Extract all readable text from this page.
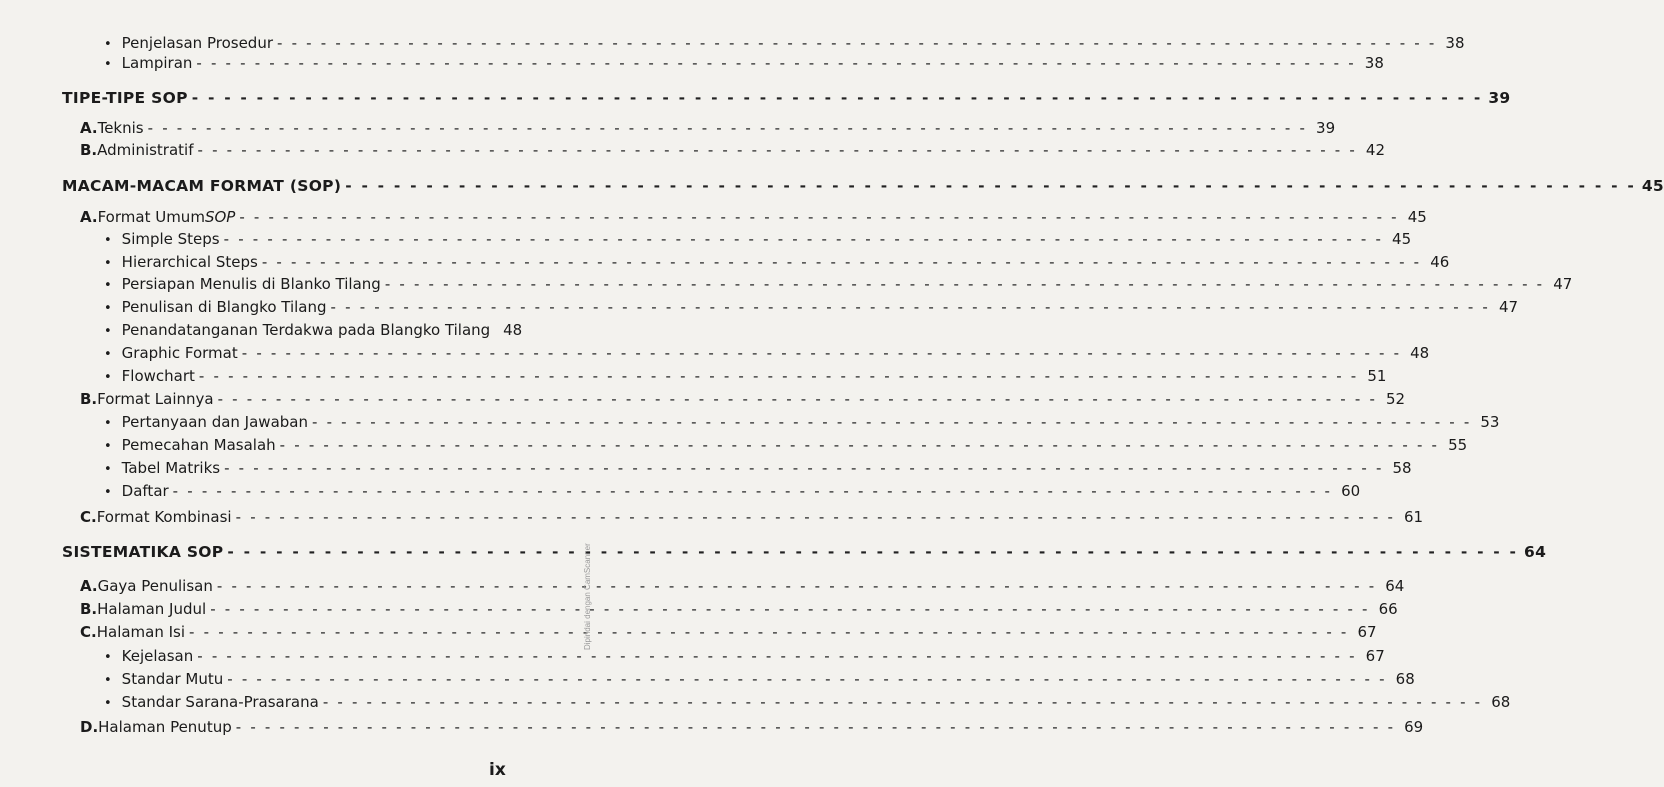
• Penjelasan Prosedur - - - - - - - - - - - - - - - - - - - - - - - - - - - - - - - - - - - - - - - - - - - - - - - - - - - - - - - - - - - - - - - - - - - - - - - - - - - - - - - - 38
• Lampiran - - - - - - - - - - - - - - - - - - - - - - - - - - - - - - - - - - - - - - - - - - - - - - - - - - - - - - - - - - - - - - - - - - - - - - - - - - - - - - - - 38
TIPE-TIPE SOP - - - - - - - - - - - - - - - - - - - - - - - - - - - - - - - - - - - - - - - - - - - - - - - - - - - - - - - - - - - - - - - - - - - - - - - - - - - - - - - - 39
A. Teknis - - - - - - - - - - - - - - - - - - - - - - - - - - - - - - - - - - - - - - - - - - - - - - - - - - - - - - - - - - - - - - - - - - - - - - - - - - - - - - - - 39
B. Administratif - - - - - - - - - - - - - - - - - - - - - - - - - - - - - - - - - - - - - - - - - - - - - - - - - - - - - - - - - - - - - - - - - - - - - - - - - - - - - - - - 42
MACAM-MACAM FORMAT (SOP) - - - - - - - - - - - - - - - - - - - - - - - - - - - - - - - - - - - - - - - - - - - - - - - - - - - - - - - - - - - - - - - - - - - - - - - - - - - - - - - - 45
A. Format Umum SOP - - - - - - - - - - - - - - - - - - - - - - - - - - - - - - - - - - - - - - - - - - - - - - - - - - - - - - - - - - - - - - - - - - - - - - - - - - - - - - - - 45
• Simple Steps - - - - - - - - - - - - - - - - - - - - - - - - - - - - - - - - - - - - - - - - - - - - - - - - - - - - - - - - - - - - - - - - - - - - - - - - - - - - - - - - 45
• Hierarchical Steps - - - - - - - - - - - - - - - - - - - - - - - - - - - - - - - - - - - - - - - - - - - - - - - - - - - - - - - - - - - - - - - - - - - - - - - - - - - - - - - - 46
• Persiapan Menulis di Blanko Tilang - - - - - - - - - - - - - - - - - - - - - - - - - - - - - - - - - - - - - - - - - - - - - - - - - - - - - - - - - - - - - - - - - - - - - - - - - - - - - - - - 47
• Penulisan di Blangko Tilang - - - - - - - - - - - - - - - - - - - - - - - - - - - - - - - - - - - - - - - - - - - - - - - - - - - - - - - - - - - - - - - - - - - - - - - - - - - - - - - - 47
• Penandatanganan Terdakwa pada Blangko Tilang 48
• Graphic Format - - - - - - - - - - - - - - - - - - - - - - - - - - - - - - - - - - - - - - - - - - - - - - - - - - - - - - - - - - - - - - - - - - - - - - - - - - - - - - - - 48
• Flowchart - - - - - - - - - - - - - - - - - - - - - - - - - - - - - - - - - - - - - - - - - - - - - - - - - - - - - - - - - - - - - - - - - - - - - - - - - - - - - - - - 51
B. Format Lainnya - - - - - - - - - - - - - - - - - - - - - - - - - - - - - - - - - - - - - - - - - - - - - - - - - - - - - - - - - - - - - - - - - - - - - - - - - - - - - - - - 52
• Pertanyaan dan Jawaban - - - - - - - - - - - - - - - - - - - - - - - - - - - - - - - - - - - - - - - - - - - - - - - - - - - - - - - - - - - - - - - - - - - - - - - - - - - - - - - - 53
• Pemecahan Masalah - - - - - - - - - - - - - - - - - - - - - - - - - - - - - - - - - - - - - - - - - - - - - - - - - - - - - - - - - - - - - - - - - - - - - - - - - - - - - - - - 55
• Tabel Matriks - - - - - - - - - - - - - - - - - - - - - - - - - - - - - - - - - - - - - - - - - - - - - - - - - - - - - - - - - - - - - - - - - - - - - - - - - - - - - - - - 58
• Daftar - - - - - - - - - - - - - - - - - - - - - - - - - - - - - - - - - - - - - - - - - - - - - - - - - - - - - - - - - - - - - - - - - - - - - - - - - - - - - - - - 60
C. Format Kombinasi - - - - - - - - - - - - - - - - - - - - - - - - - - - - - - - - - - - - - - - - - - - - - - - - - - - - - - - - - - - - - - - - - - - - - - - - - - - - - - - - 61
SISTEMATIKA SOP - - - - - - - - - - - - - - - - - - - - - - - - - - - - - - - - - - - - - - - - - - - - - - - - - - - - - - - - - - - - - - - - - - - - - - - - - - - - - - - - 64
A. Gaya Penulisan - - - - - - - - - - - - - - - - - - - - - - - - - - - - - - - - - - - - - - - - - - - - - - - - - - - - - - - - - - - - - - - - - - - - - - - - - - - - - - - - 64
B. Halaman Judul - - - - - - - - - - - - - - - - - - - - - - - - - - - - - - - - - - - - - - - - - - - - - - - - - - - - - - - - - - - - - - - - - - - - - - - - - - - - - - - - 66
C. Halaman Isi - - - - - - - - - - - - - - - - - - - - - - - - - - - - - - - - - - - - - - - - - - - - - - - - - - - - - - - - - - - - - - - - - - - - - - - - - - - - - - - - 67
• Kejelasan - - - - - - - - - - - - - - - - - - - - - - - - - - - - - - - - - - - - - - - - - - - - - - - - - - - - - - - - - - - - - - - - - - - - - - - - - - - - - - - - 67
• Standar Mutu - - - - - - - - - - - - - - - - - - - - - - - - - - - - - - - - - - - - - - - - - - - - - - - - - - - - - - - - - - - - - - - - - - - - - - - - - - - - - - - - 68
• Standar Sarana-Prasarana - - - - - - - - - - - - - - - - - - - - - - - - - - - - - - - - - - - - - - - - - - - - - - - - - - - - - - - - - - - - - - - - - - - - - - - - - - - - - - - - 68
D. Halaman Penutup - - - - - - - - - - - - - - - - - - - - - - - - - - - - - - - - - - - - - - - - - - - - - - - - - - - - - - - - - - - - - - - - - - - - - - - - - - - - - - - - 69
ix
Dipindai dengan CamScanner
